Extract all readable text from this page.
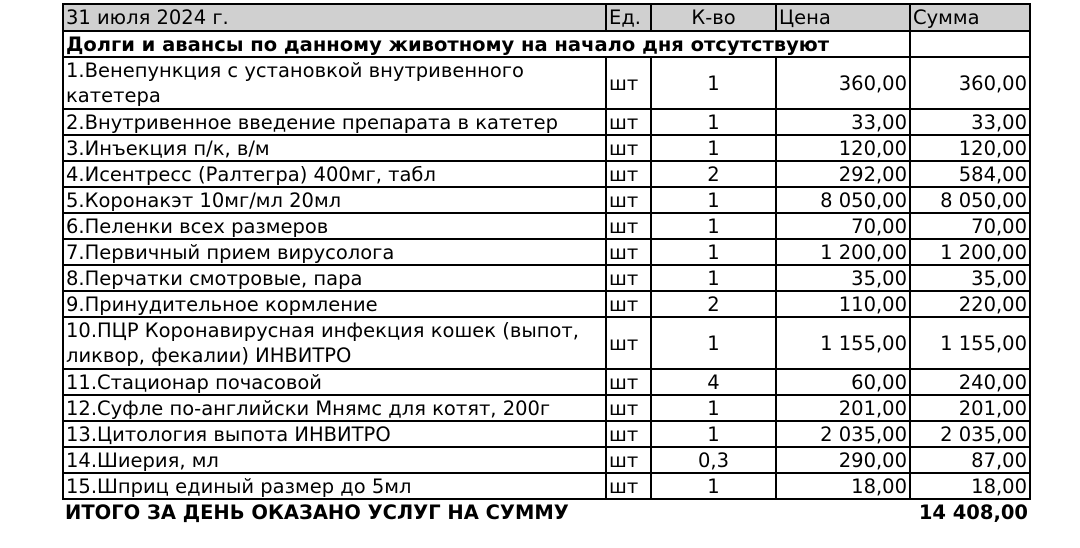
31 июля 2024 г.	Ед.	К-во	Цена	Сумма
Долги и авансы по данному животному на начало дня отсутствуют				
1.Венепункция с установкой внутривенного катетера	шт	1	360,00	360,00
2.Внутривенное введение препарата в катетер	шт	1	33,00	33,00
3.Инъекция п/к, в/м	шт	1	120,00	120,00
4.Исентресс (Ралтегра) 400мг, табл	шт	2	292,00	584,00
5.Коронакэт 10мг/мл 20мл	шт	1	8 050,00	8 050,00
6.Пеленки всех размеров	шт	1	70,00	70,00
7.Первичный прием вирусолога	шт	1	1 200,00	1 200,00
8.Перчатки смотровые, пара	шт	1	35,00	35,00
9.Принудительное кормление	шт	2	110,00	220,00
10.ПЦР Коронавирусная инфекция кошек (выпот, ликвор, фекалии) ИНВИТРО	шт	1	1 155,00	1 155,00
11.Стационар почасовой	шт	4	60,00	240,00
12.Суфле по-английски Мнямс для котят, 200г	шт	1	201,00	201,00
13.Цитология выпота ИНВИТРО	шт	1	2 035,00	2 035,00
14.Шиерия, мл	шт	0,3	290,00	87,00
15.Шприц единый размер до 5мл	шт	1	18,00	18,00
ИТОГО ЗА ДЕНЬ ОКАЗАНО УСЛУГ НА СУММУ				14 408,00
